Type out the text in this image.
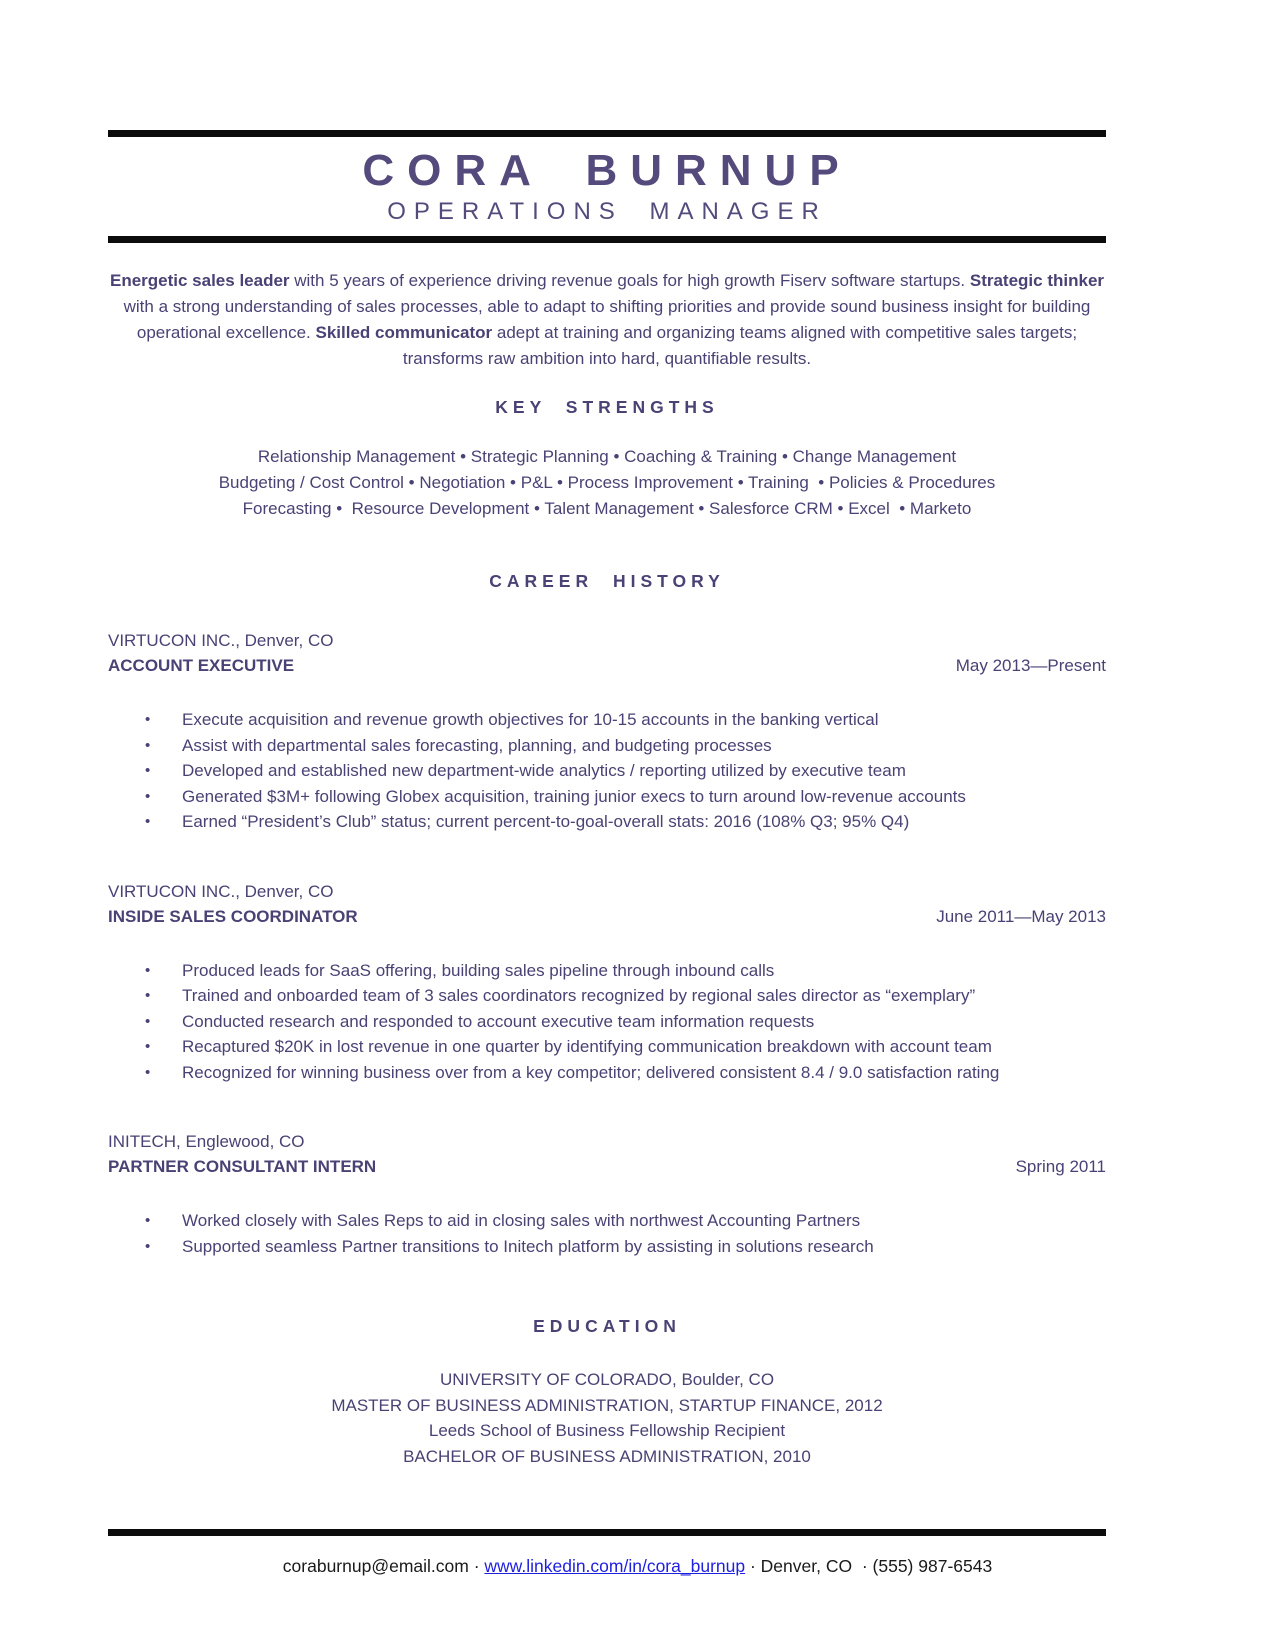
CORA BURNUP
OPERATIONS MANAGER

Energetic sales leader with 5 years of experience driving revenue goals for high growth Fiserv software startups. Strategic thinker with a strong understanding of sales processes, able to adapt to shifting priorities and provide sound business insight for building operational excellence. Skilled communicator adept at training and organizing teams aligned with competitive sales targets; transforms raw ambition into hard, quantifiable results.

KEY STRENGTHS
Relationship Management • Strategic Planning • Coaching & Training • Change Management
Budgeting / Cost Control • Negotiation • P&L • Process Improvement • Training  • Policies & Procedures
Forecasting •  Resource Development • Talent Management • Salesforce CRM • Excel  • Marketo
CAREER HISTORY
VIRTUCON INC., Denver, CO
ACCOUNT EXECUTIVE	May 2013—Present
• Execute acquisition and revenue growth objectives for 10-15 accounts in the banking vertical
• Assist with departmental sales forecasting, planning, and budgeting processes
• Developed and established new department-wide analytics / reporting utilized by executive team
• Generated $3M+ following Globex acquisition, training junior execs to turn around low-revenue accounts
• Earned “President’s Club” status; current percent-to-goal-overall stats: 2016 (108% Q3; 95% Q4)
VIRTUCON INC., Denver, CO
INSIDE SALES COORDINATOR	June 2011—May 2013
• Produced leads for SaaS offering, building sales pipeline through inbound calls
• Trained and onboarded team of 3 sales coordinators recognized by regional sales director as “exemplary”
• Conducted research and responded to account executive team information requests
• Recaptured $20K in lost revenue in one quarter by identifying communication breakdown with account team
• Recognized for winning business over from a key competitor; delivered consistent 8.4 / 9.0 satisfaction rating
INITECH, Englewood, CO
PARTNER CONSULTANT INTERN	Spring 2011
• Worked closely with Sales Reps to aid in closing sales with northwest Accounting Partners
• Supported seamless Partner transitions to Initech platform by assisting in solutions research
EDUCATION
UNIVERSITY OF COLORADO, Boulder, CO
MASTER OF BUSINESS ADMINISTRATION, STARTUP FINANCE, 2012
Leeds School of Business Fellowship Recipient
BACHELOR OF BUSINESS ADMINISTRATION, 2010
coraburnup@email.com · www.linkedin.com/in/cora_burnup · Denver, CO  · (555) 987-6543
